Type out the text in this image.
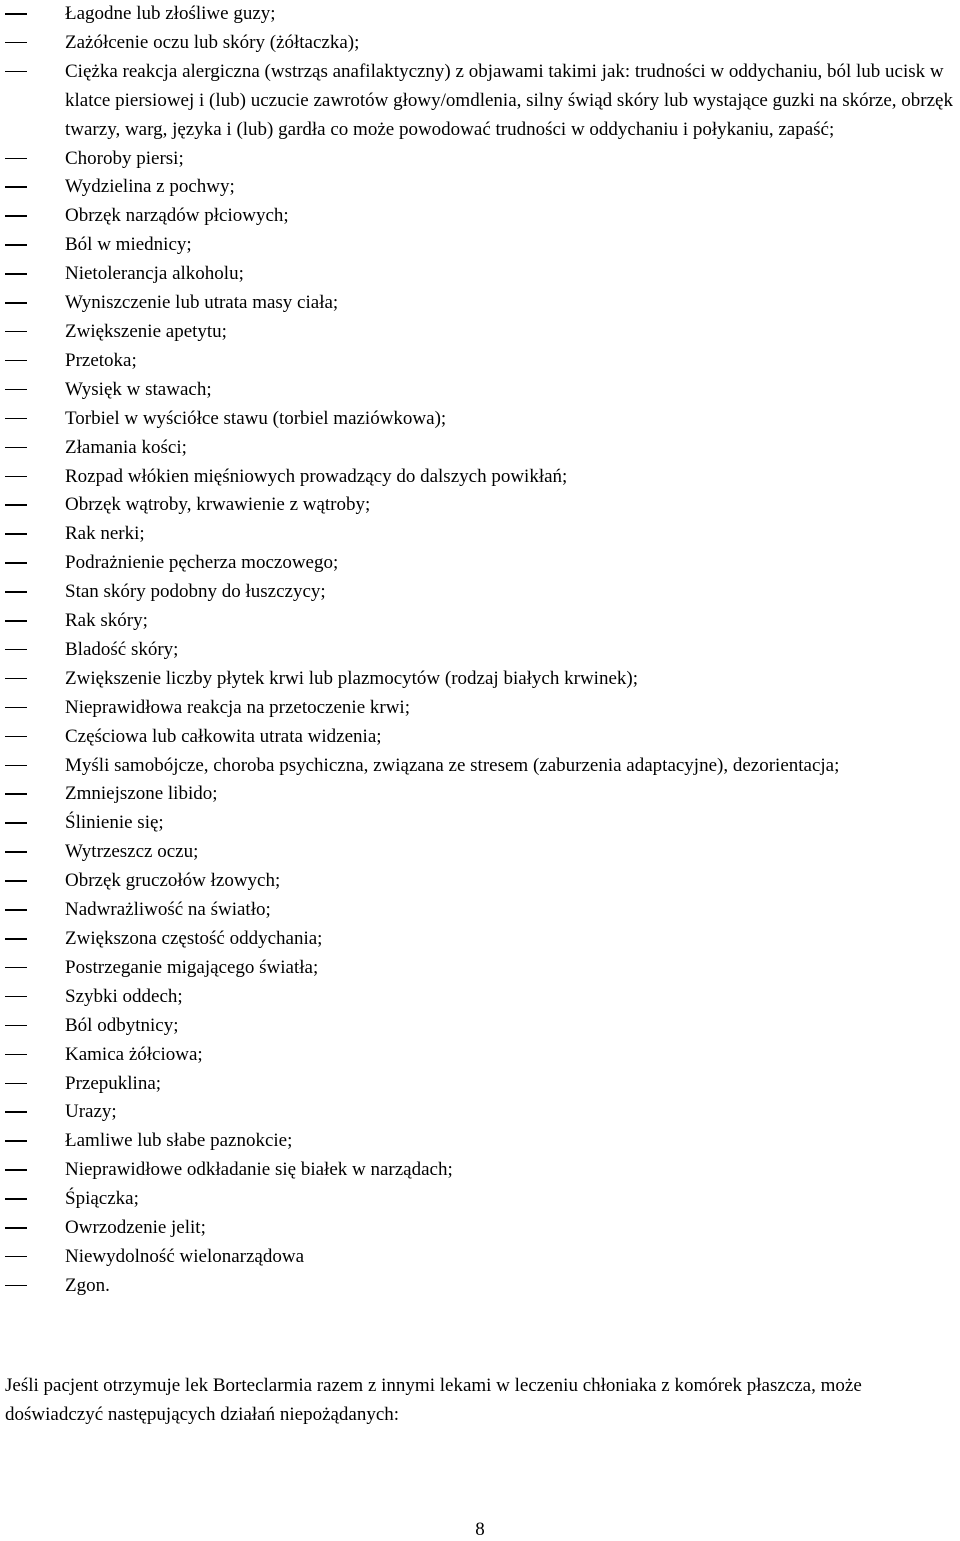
Łagodne lub złośliwe guzy;
Zażółcenie oczu lub skóry (żółtaczka);
Ciężka reakcja alergiczna (wstrząs anafilaktyczny) z objawami takimi jak: trudności w oddychaniu, ból lub ucisk w klatce piersiowej i (lub) uczucie zawrotów głowy/omdlenia, silny świąd skóry lub wystające guzki na skórze, obrzęk twarzy, warg, języka i (lub) gardła co może powodować trudności w oddychaniu i połykaniu, zapaść;
Choroby piersi;
Wydzielina z pochwy;
Obrzęk narządów płciowych;
Ból w miednicy;
Nietolerancja alkoholu;
Wyniszczenie lub utrata masy ciała;
Zwiększenie apetytu;
Przetoka;
Wysięk w stawach;
Torbiel w wyściółce stawu (torbiel maziówkowa);
Złamania kości;
Rozpad włókien mięśniowych prowadzący do dalszych powikłań;
Obrzęk wątroby, krwawienie z wątroby;
Rak nerki;
Podrażnienie pęcherza moczowego;
Stan skóry podobny do łuszczycy;
Rak skóry;
Bladość skóry;
Zwiększenie liczby płytek krwi lub plazmocytów (rodzaj białych krwinek);
Nieprawidłowa reakcja na przetoczenie krwi;
Częściowa lub całkowita utrata widzenia;
Myśli samobójcze, choroba psychiczna, związana ze stresem (zaburzenia adaptacyjne), dezorientacja;
Zmniejszone libido;
Ślinienie się;
Wytrzeszcz oczu;
Obrzęk gruczołów łzowych;
Nadwrażliwość na światło;
Zwiększona częstość oddychania;
Postrzeganie migającego światła;
Szybki oddech;
Ból odbytnicy;
Kamica żółciowa;
Przepuklina;
Urazy;
Łamliwe lub słabe paznokcie;
Nieprawidłowe odkładanie się białek w narządach;
Śpiączka;
Owrzodzenie jelit;
Niewydolność wielonarządowa
Zgon.

Jeśli pacjent otrzymuje lek Borteclarmia razem z innymi lekami w leczeniu chłoniaka z komórek płaszcza, może doświadczyć następujących działań niepożądanych:

8
